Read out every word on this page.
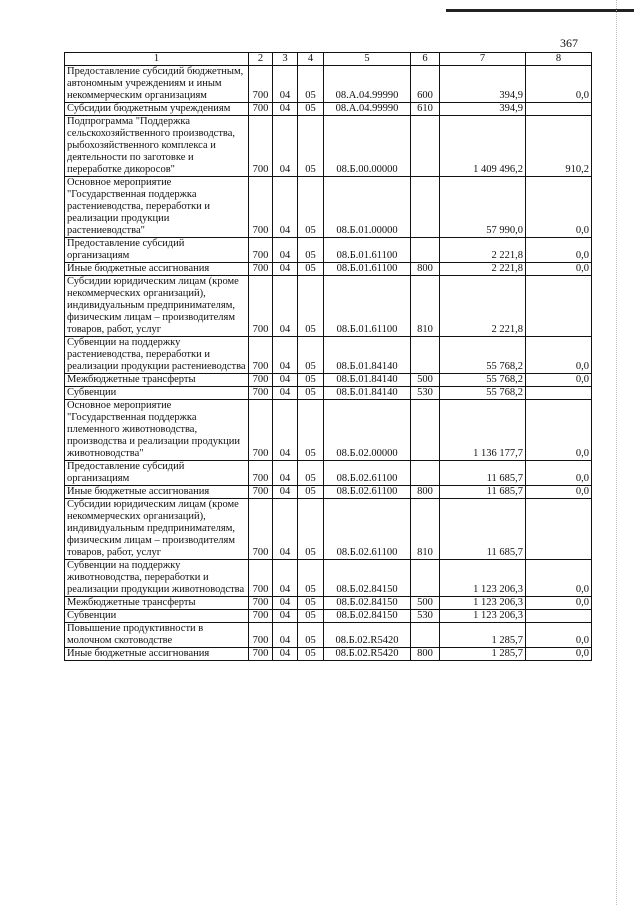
367
1	2	3	4	5	6	7	8
Предоставление субсидий бюджетным, автономным учреждениям и иным некоммерческим организациям	700	04	05	08.А.04.99990	600	394,9	0,0
Субсидии бюджетным учреждениям	700	04	05	08.А.04.99990	610	394,9	
Подпрограмма "Поддержка сельскохозяйственного производства, рыбохозяйственного комплекса и деятельности по заготовке и переработке дикоросов"	700	04	05	08.Б.00.00000		1 409 496,2	910,2
Основное мероприятие "Государственная поддержка растениеводства, переработки и реализации продукции растениеводства"	700	04	05	08.Б.01.00000		57 990,0	0,0
Предоставление субсидий организациям	700	04	05	08.Б.01.61100		2 221,8	0,0
Иные бюджетные ассигнования	700	04	05	08.Б.01.61100	800	2 221,8	0,0
Субсидии юридическим лицам (кроме некоммерческих организаций), индивидуальным предпринимателям, физическим лицам – производителям товаров, работ, услуг	700	04	05	08.Б.01.61100	810	2 221,8	
Субвенции на поддержку растениеводства, переработки и реализации продукции растениеводства	700	04	05	08.Б.01.84140		55 768,2	0,0
Межбюджетные трансферты	700	04	05	08.Б.01.84140	500	55 768,2	0,0
Субвенции	700	04	05	08.Б.01.84140	530	55 768,2	
Основное мероприятие "Государственная поддержка племенного животноводства, производства и реализации продукции животноводства"	700	04	05	08.Б.02.00000		1 136 177,7	0,0
Предоставление субсидий организациям	700	04	05	08.Б.02.61100		11 685,7	0,0
Иные бюджетные ассигнования	700	04	05	08.Б.02.61100	800	11 685,7	0,0
Субсидии юридическим лицам (кроме некоммерческих организаций), индивидуальным предпринимателям, физическим лицам – производителям товаров, работ, услуг	700	04	05	08.Б.02.61100	810	11 685,7	
Субвенции на поддержку животноводства, переработки и реализации продукции животноводства	700	04	05	08.Б.02.84150		1 123 206,3	0,0
Межбюджетные трансферты	700	04	05	08.Б.02.84150	500	1 123 206,3	0,0
Субвенции	700	04	05	08.Б.02.84150	530	1 123 206,3	
Повышение продуктивности в молочном скотоводстве	700	04	05	08.Б.02.R5420		1 285,7	0,0
Иные бюджетные ассигнования	700	04	05	08.Б.02.R5420	800	1 285,7	0,0
